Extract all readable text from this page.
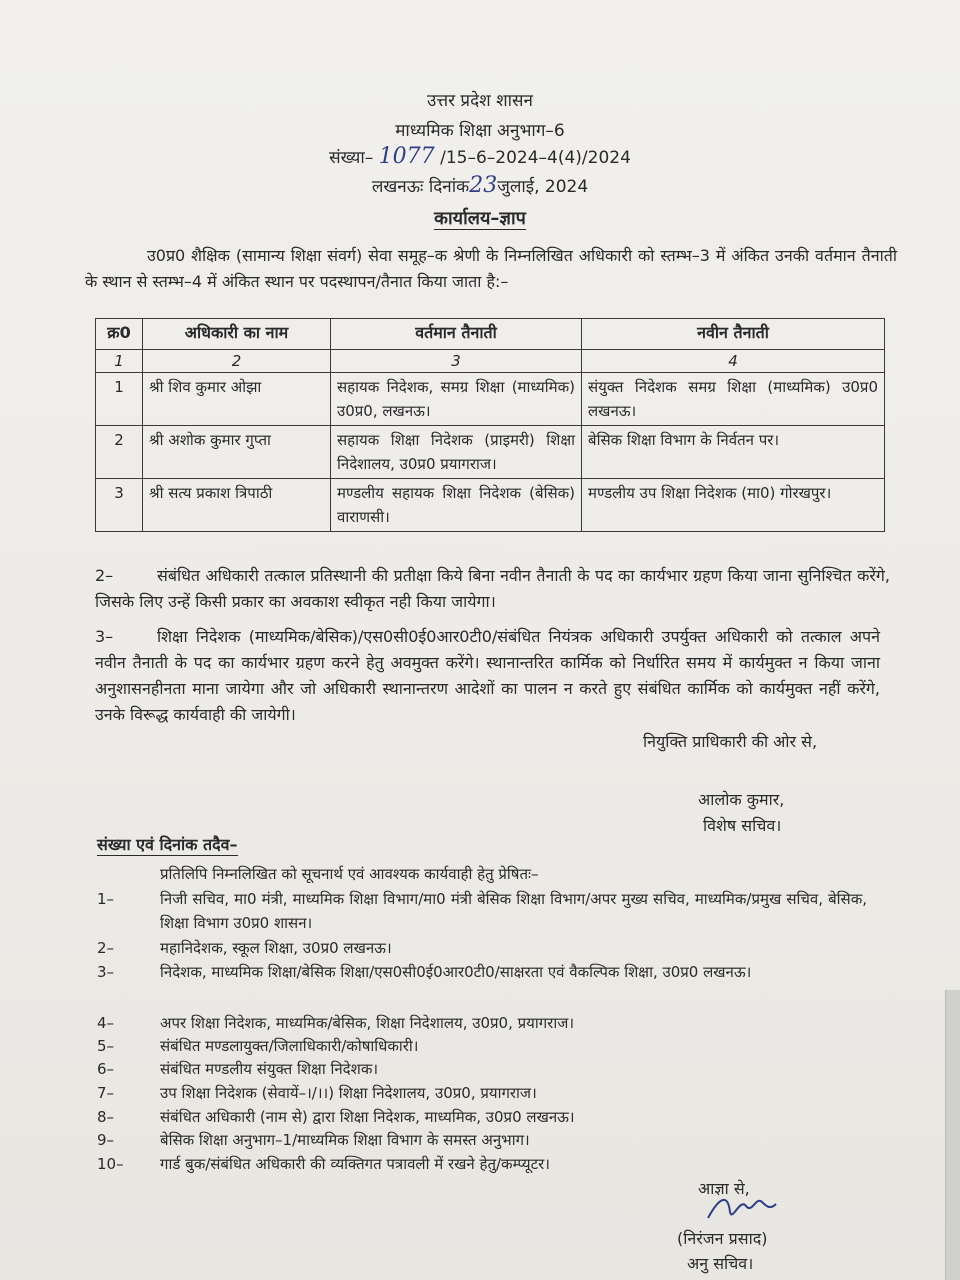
उत्तर प्रदेश शासन
माध्यमिक शिक्षा अनुभाग–6
संख्या– 1077 /15–6–2024–4(4)/2024
लखनऊः दिनांक23जुलाई, 2024
कार्यालय–ज्ञाप
उ0प्र0 शैक्षिक (सामान्य शिक्षा संवर्ग) सेवा समूह–क श्रेणी के निम्नलिखित अधिकारी को स्तम्भ–3 में अंकित उनकी वर्तमान तैनाती के स्थान से स्तम्भ–4 में अंकित स्थान पर पदस्थापन/तैनात किया जाता है:–
क्र0	अधिकारी का नाम	वर्तमान तैनाती	नवीन तैनाती
1	2	3	4
1	श्री शिव कुमार ओझा	सहायक निदेशक, समग्र शिक्षा (माध्यमिक) उ0प्र0, लखनऊ।	संयुक्त निदेशक समग्र शिक्षा (माध्यमिक) उ0प्र0 लखनऊ।
2	श्री अशोक कुमार गुप्ता	सहायक शिक्षा निदेशक (प्राइमरी) शिक्षा निदेशालय, उ0प्र0 प्रयागराज।	बेसिक शिक्षा विभाग के निर्वतन पर।
3	श्री सत्य प्रकाश त्रिपाठी	मण्डलीय सहायक शिक्षा निदेशक (बेसिक) वाराणसी।	मण्डलीय उप शिक्षा निदेशक (मा0) गोरखपुर।
2–	संबंधित अधिकारी तत्काल प्रतिस्थानी की प्रतीक्षा किये बिना नवीन तैनाती के पद का कार्यभार ग्रहण किया जाना सुनिश्चित करेंगे, जिसके लिए उन्हें किसी प्रकार का अवकाश स्वीकृत नही किया जायेगा।
3–	शिक्षा निदेशक (माध्यमिक/बेसिक)/एस0सी0ई0आर0टी0/संबंधित नियंत्रक अधिकारी उपर्युक्त अधिकारी को तत्काल अपने नवीन तैनाती के पद का कार्यभार ग्रहण करने हेतु अवमुक्त करेंगे। स्थानान्तरित कार्मिक को निर्धारित समय में कार्यमुक्त न किया जाना अनुशासनहीनता माना जायेगा और जो अधिकारी स्थानान्तरण आदेशों का पालन न करते हुए संबंधित कार्मिक को कार्यमुक्त नहीं करेंगे, उनके विरूद्ध कार्यवाही की जायेगी।
नियुक्ति प्राधिकारी की ओर से,
आलोक कुमार,
विशेष सचिव।
संख्या एवं दिनांक तदैव–
प्रतिलिपि निम्नलिखित को सूचनार्थ एवं आवश्यक कार्यवाही हेतु प्रेषितः–
1–	निजी सचिव, मा0 मंत्री, माध्यमिक शिक्षा विभाग/मा0 मंत्री बेसिक शिक्षा विभाग/अपर मुख्य सचिव, माध्यमिक/प्रमुख सचिव, बेसिक, शिक्षा विभाग उ0प्र0 शासन।
2–	महानिदेशक, स्कूल शिक्षा, उ0प्र0 लखनऊ।
3–	निदेशक, माध्यमिक शिक्षा/बेसिक शिक्षा/एस0सी0ई0आर0टी0/साक्षरता एवं वैकल्पिक शिक्षा, उ0प्र0 लखनऊ।
4–	अपर शिक्षा निदेशक, माध्यमिक/बेसिक, शिक्षा निदेशालय, उ0प्र0, प्रयागराज।
5–	संबंधित मण्डलायुक्त/जिलाधिकारी/कोषाधिकारी।
6–	संबंधित मण्डलीय संयुक्त शिक्षा निदेशक।
7–	उप शिक्षा निदेशक (सेवायें–।/।।) शिक्षा निदेशालय, उ0प्र0, प्रयागराज।
8–	संबंधित अधिकारी (नाम से) द्वारा शिक्षा निदेशक, माध्यमिक, उ0प्र0 लखनऊ।
9–	बेसिक शिक्षा अनुभाग–1/माध्यमिक शिक्षा विभाग के समस्त अनुभाग।
10–	गार्ड बुक/संबंधित अधिकारी की व्यक्तिगत पत्रावली में रखने हेतु/कम्प्यूटर।
आज्ञा से,
(निरंजन प्रसाद)
अनु सचिव।
